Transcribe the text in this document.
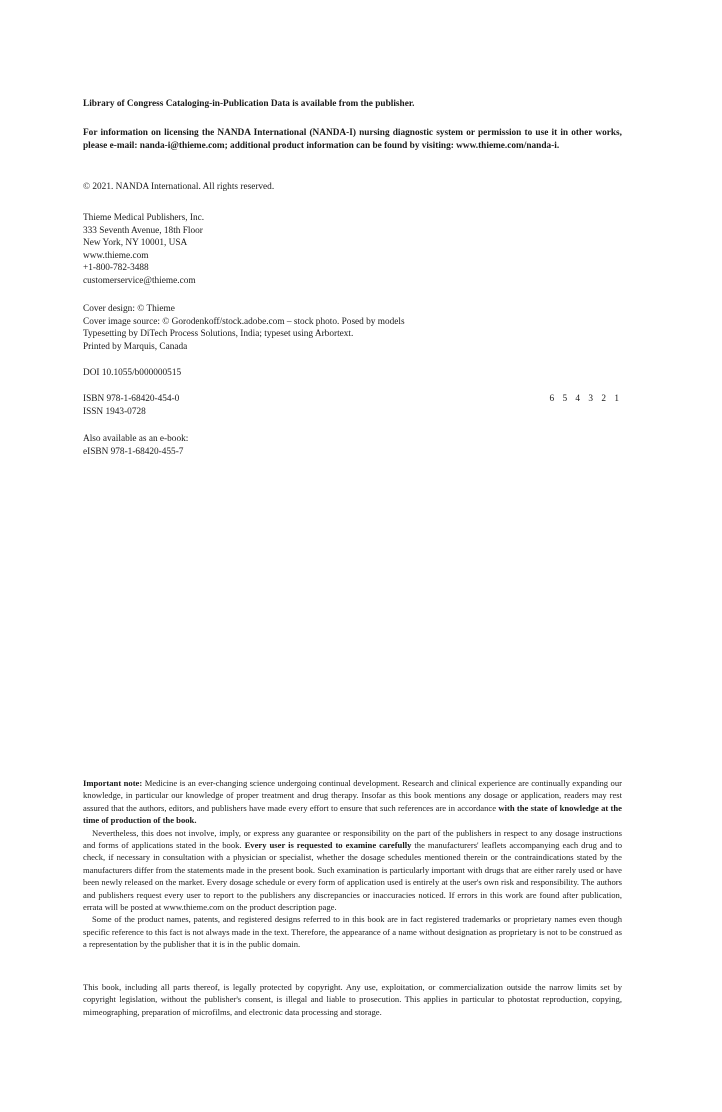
Library of Congress Cataloging-in-Publication Data is available from the publisher.

For information on licensing the NANDA International (NANDA-I) nursing diagnostic system or permission to use it in other works, please e-mail: nanda-i@thieme.com; additional product information can be found by visiting: www.thieme.com/nanda-i.

© 2021. NANDA International. All rights reserved.

Thieme Medical Publishers, Inc.

333 Seventh Avenue, 18th Floor

New York, NY 10001, USA

www.thieme.com

+1-800-782-3488

customerservice@thieme.com

Cover design: © Thieme

Cover image source: © Gorodenkoff/stock.adobe.com – stock photo. Posed by models

Typesetting by DiTech Process Solutions, India; typeset using Arbortext.

Printed by Marquis, Canada

DOI 10.1055/b000000515

ISBN 978-1-68420-454-0	6 5 4 3 2 1

ISSN 1943-0728

Also available as an e-book:

eISBN 978-1-68420-455-7

Important note: Medicine is an ever-changing science undergoing continual development. Research and clinical experience are continually expanding our knowledge, in particular our knowledge of proper treatment and drug therapy. Insofar as this book mentions any dosage or application, readers may rest assured that the authors, editors, and publishers have made every effort to ensure that such references are in accordance with the state of knowledge at the time of production of the book.

Nevertheless, this does not involve, imply, or express any guarantee or responsibility on the part of the publishers in respect to any dosage instructions and forms of applications stated in the book. Every user is requested to examine carefully the manufacturers' leaflets accompanying each drug and to check, if necessary in consultation with a physician or specialist, whether the dosage schedules mentioned therein or the contraindications stated by the manufacturers differ from the statements made in the present book. Such examination is particularly important with drugs that are either rarely used or have been newly released on the market. Every dosage schedule or every form of application used is entirely at the user's own risk and responsibility. The authors and publishers request every user to report to the publishers any discrepancies or inaccuracies noticed. If errors in this work are found after publication, errata will be posted at www.thieme.com on the product description page.

Some of the product names, patents, and registered designs referred to in this book are in fact registered trademarks or proprietary names even though specific reference to this fact is not always made in the text. Therefore, the appearance of a name without designation as proprietary is not to be construed as a representation by the publisher that it is in the public domain.

This book, including all parts thereof, is legally protected by copyright. Any use, exploitation, or commercialization outside the narrow limits set by copyright legislation, without the publisher's consent, is illegal and liable to prosecution. This applies in particular to photostat reproduction, copying, mimeographing, preparation of microfilms, and electronic data processing and storage.
